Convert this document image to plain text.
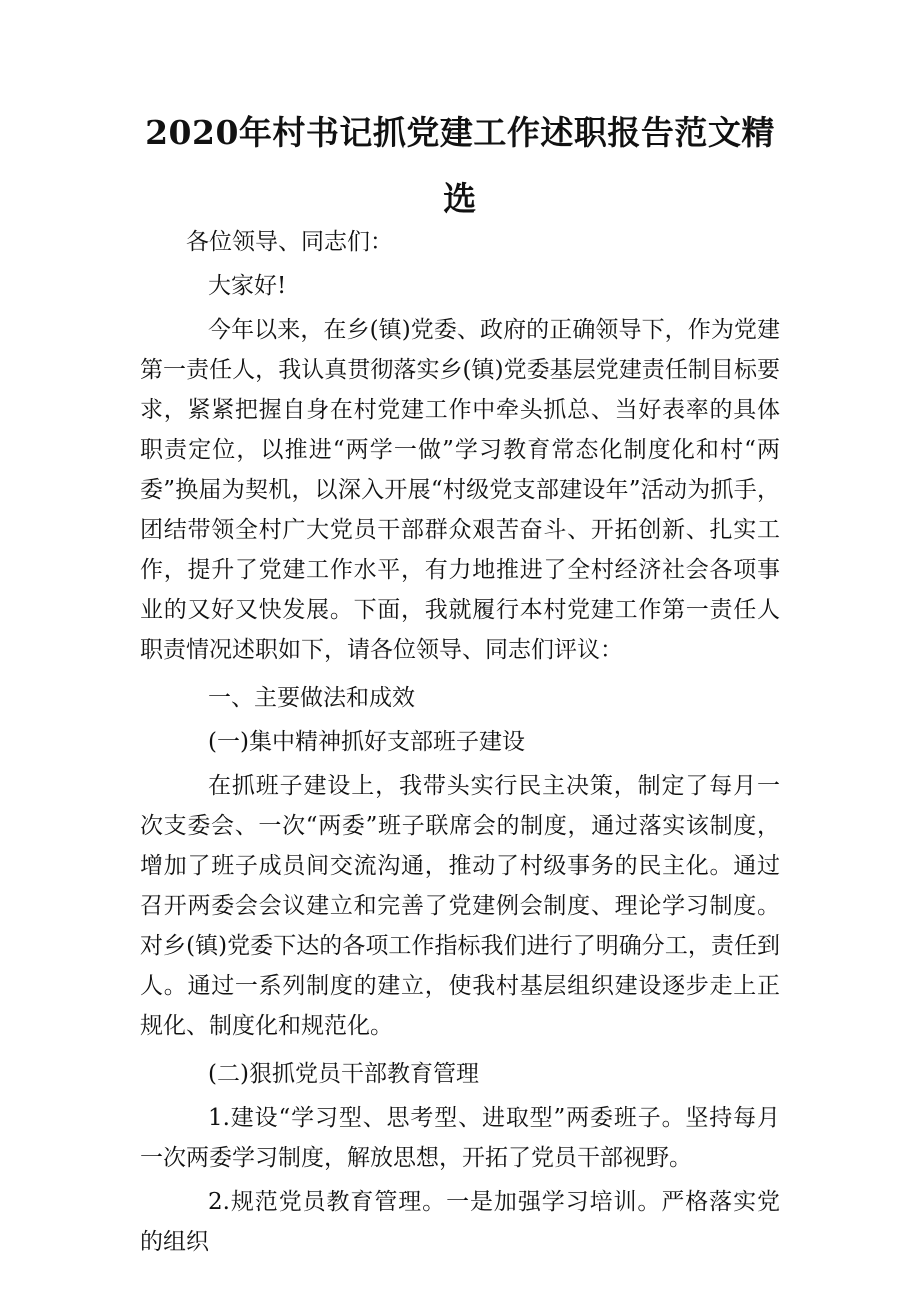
2020年村书记抓党建工作述职报告范文精选

各位领导、同志们：

大家好!

今年以来，在乡(镇)党委、政府的正确领导下，作为党建第一责任人，我认真贯彻落实乡(镇)党委基层党建责任制目标要求，紧紧把握自身在村党建工作中牵头抓总、当好表率的具体职责定位，以推进“两学一做”学习教育常态化制度化和村“两委”换届为契机，以深入开展“村级党支部建设年”活动为抓手，团结带领全村广大党员干部群众艰苦奋斗、开拓创新、扎实工作，提升了党建工作水平，有力地推进了全村经济社会各项事业的又好又快发展。下面，我就履行本村党建工作第一责任人职责情况述职如下，请各位领导、同志们评议：

一、主要做法和成效

(一)集中精神抓好支部班子建设

在抓班子建设上，我带头实行民主决策，制定了每月一次支委会、一次“两委”班子联席会的制度，通过落实该制度，增加了班子成员间交流沟通，推动了村级事务的民主化。通过召开两委会会议建立和完善了党建例会制度、理论学习制度。对乡(镇)党委下达的各项工作指标我们进行了明确分工，责任到人。通过一系列制度的建立，使我村基层组织建设逐步走上正规化、制度化和规范化。

(二)狠抓党员干部教育管理

1.建设“学习型、思考型、进取型”两委班子。坚持每月一次两委学习制度，解放思想，开拓了党员干部视野。

2.规范党员教育管理。一是加强学习培训。严格落实党的组织
